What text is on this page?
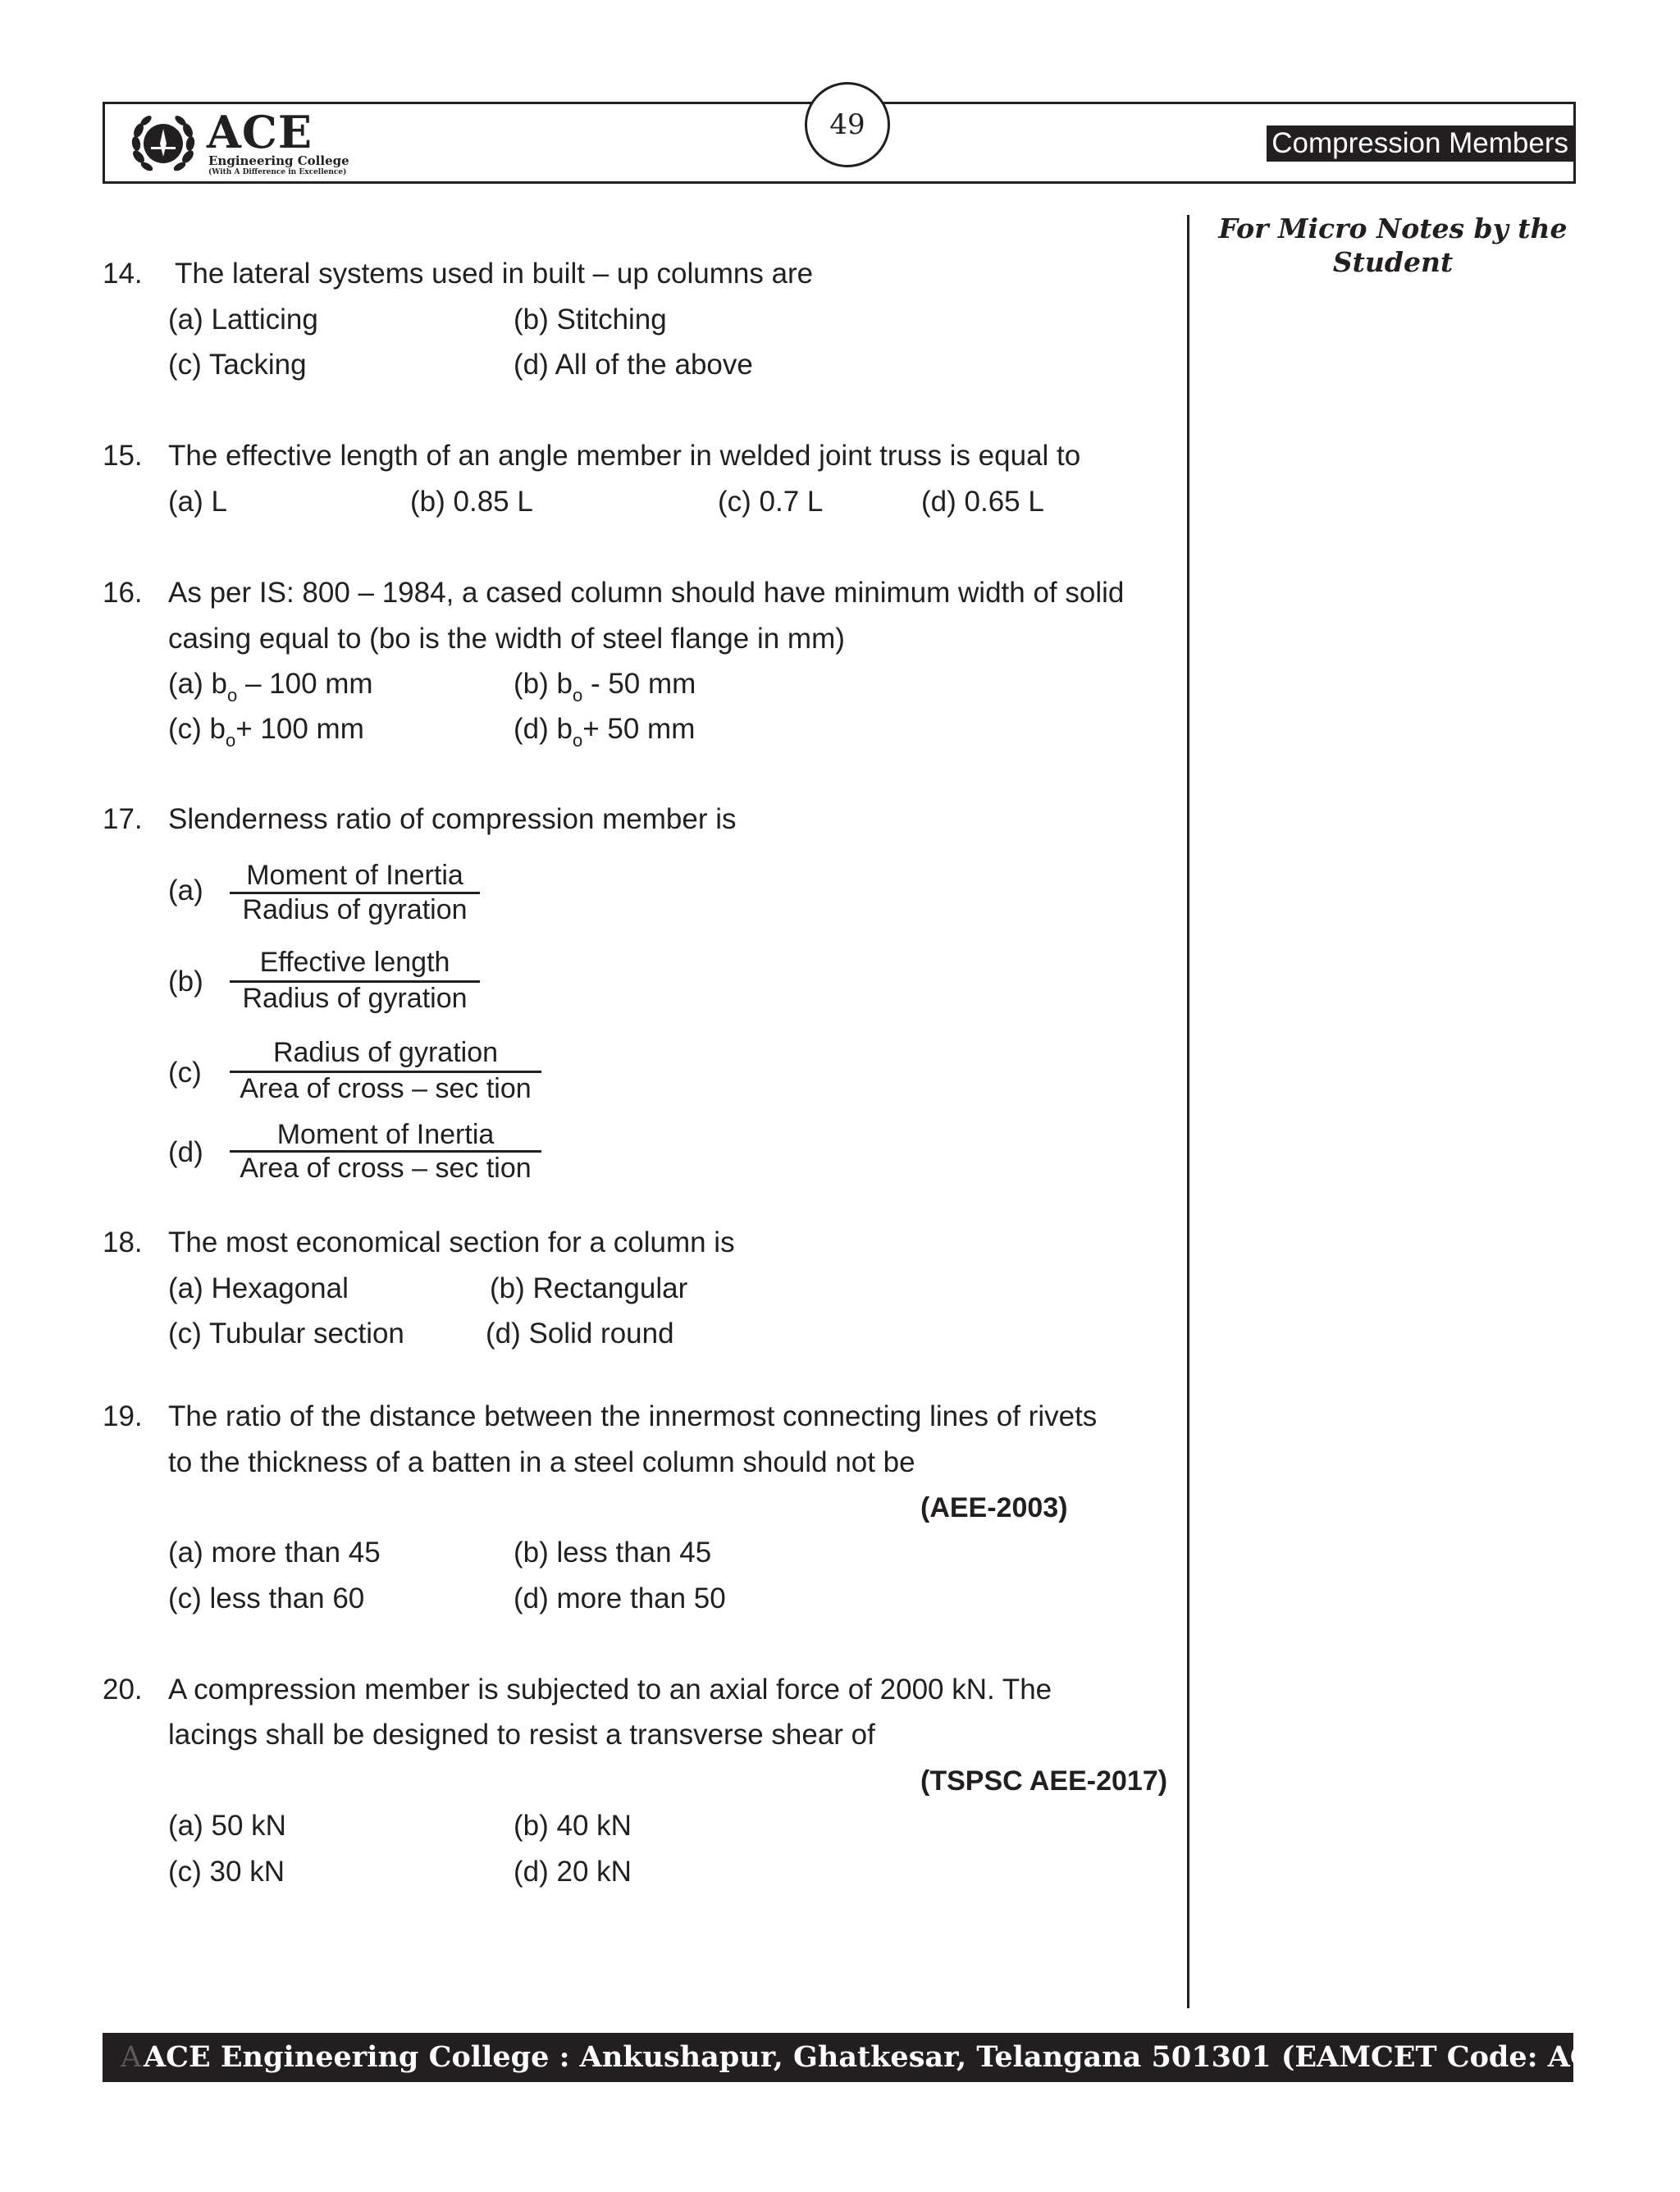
ACE
Engineering College
(With A Difference in Excellence)
49
Compression Members
For Micro Notes by the Student
14. The lateral systems used in built – up columns are
(a) Latticing	(b) Stitching
(c) Tacking	(d) All of the above
15. The effective length of an angle member in welded joint truss is equal to
(a) L	(b) 0.85 L	(c) 0.7 L	(d) 0.65 L
16. As per IS: 800 – 1984, a cased column should have minimum width of solid
casing equal to (bo is the width of steel flange in mm)
(a) $b_o - 100$ mm	(b) $b_o - 50$ mm
(c) $b_o+ 100$ mm	(d) $b_o+ 50$ mm
17. Slenderness ratio of compression member is
(a)	Moment of Inertia
Radius of gyration
(b)
Effective length
Radius of gyration
(c)
Radius of gyration
Area of cross – sec tion
(d)
Moment of Inertia
Area of cross – sec tion
18. The most economical section for a column is
(a) Hexagonal	(b) Rectangular
(c) Tubular section	(d) Solid round
19. The ratio of the distance between the innermost connecting lines of rivets
to the thickness of a batten in a steel column should not be
(AEE-2003)
(a) more than 45	(b) less than 45
(c) less than 60	(d) more than 50
20. A compression member is subjected to an axial force of 2000 kN. The
lacings shall be designed to resist a transverse shear of
(TSPSC AEE-2017)
(a) 50 kN	(b) 40 kN
(c) 30 kN	(d) 20 kN
A ACE Engineering College : Ankushapur, Ghatkesar, Telangana 501301 (EAMCET Code: ACEG)
